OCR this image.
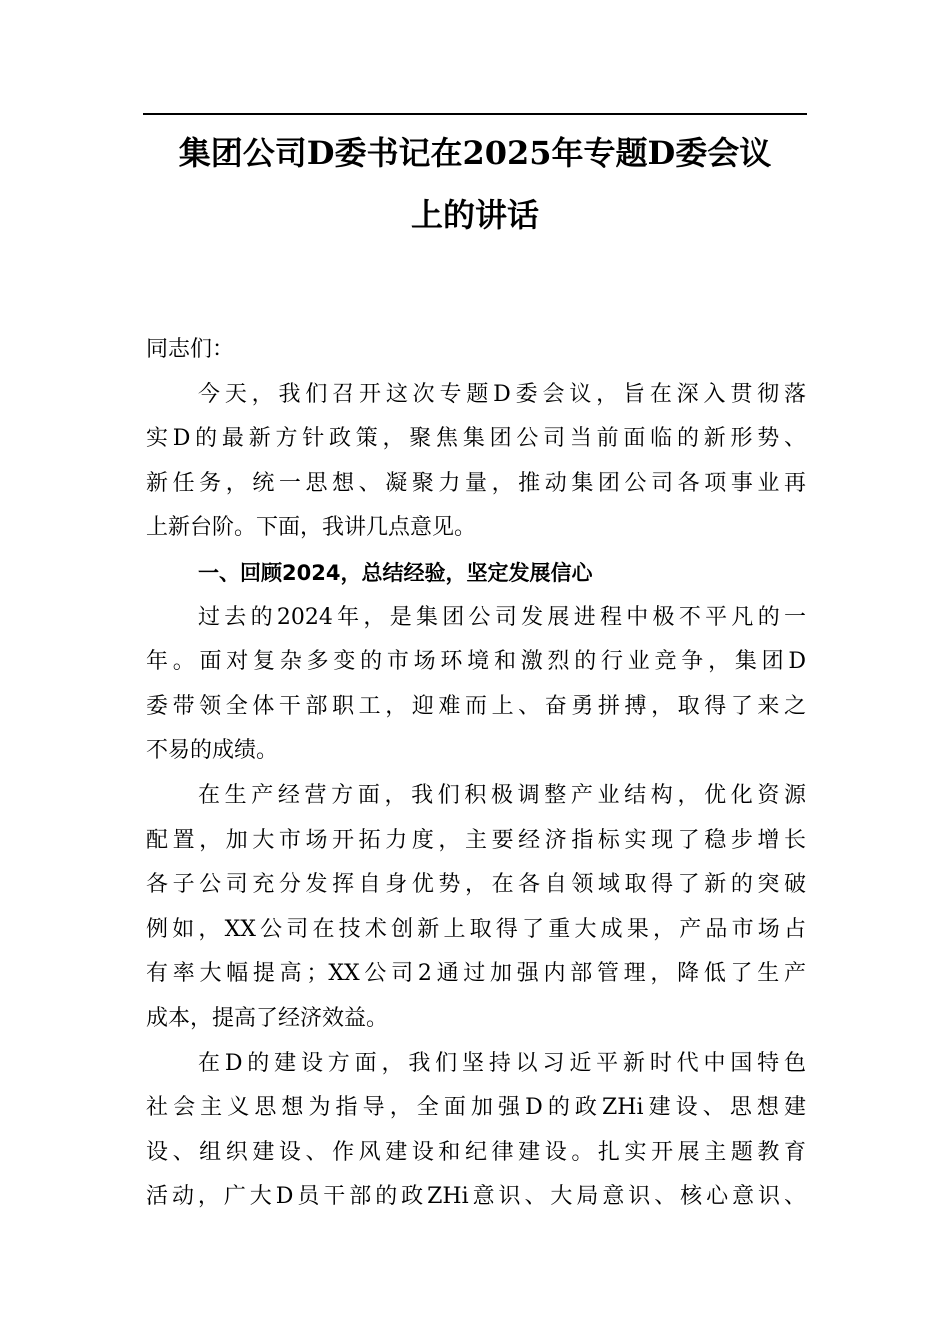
集团公司D委书记在2025年专题D委会议
上的讲话
同志们：
今天，我们召开这次专题D委会议，旨在深入贯彻落
实D的最新方针政策，聚焦集团公司当前面临的新形势、
新任务，统一思想、凝聚力量，推动集团公司各项事业再
上新台阶。下面，我讲几点意见。
一、回顾2024，总结经验，坚定发展信心
过去的2024年，是集团公司发展进程中极不平凡的一
年。面对复杂多变的市场环境和激烈的行业竞争，集团D
委带领全体干部职工，迎难而上、奋勇拼搏，取得了来之
不易的成绩。
在生产经营方面，我们积极调整产业结构，优化资源
配置，加大市场开拓力度，主要经济指标实现了稳步增长
各子公司充分发挥自身优势，在各自领域取得了新的突破
例如，XX公司在技术创新上取得了重大成果，产品市场占
有率大幅提高；XX公司2通过加强内部管理，降低了生产
成本，提高了经济效益。
在D的建设方面，我们坚持以习近平新时代中国特色
社会主义思想为指导，全面加强D的政ZHi建设、思想建
设、组织建设、作风建设和纪律建设。扎实开展主题教育
活动，广大D员干部的政ZHi意识、大局意识、核心意识、
